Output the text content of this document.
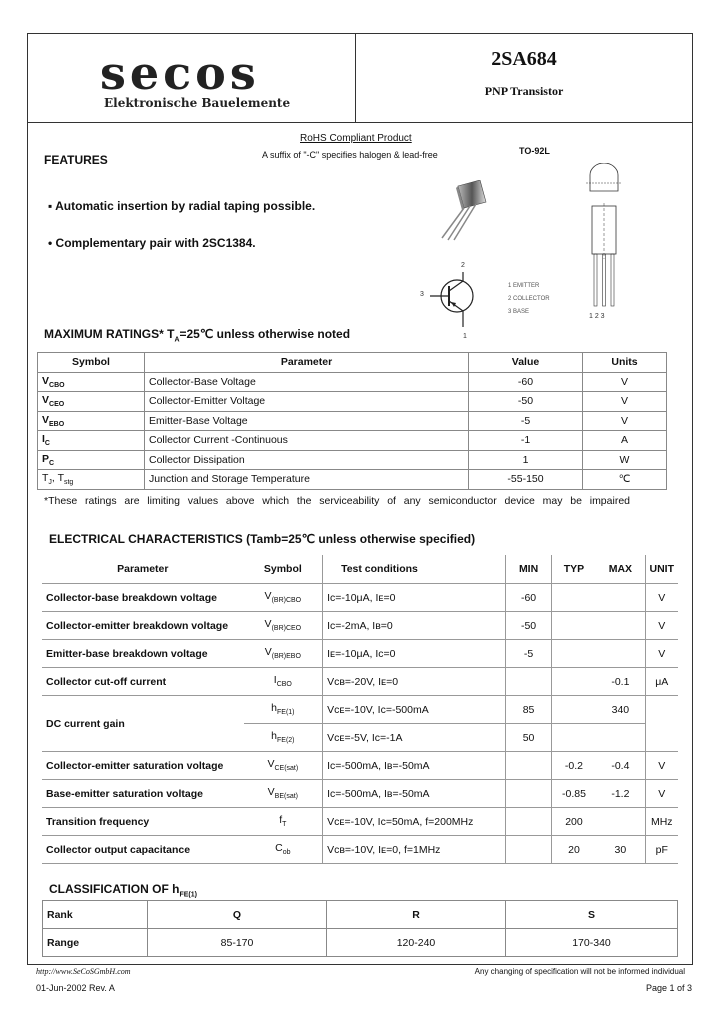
secos
Elektronische Bauelemente
2SA684
PNP Transistor
RoHS Compliant Product
A suffix of "-C" specifies halogen & lead-free	TO-92L
FEATURES
▪ Automatic insertion by radial taping possible.
• Complementary pair with 2SC1384.
1 2 3
2
3
1
1 EMITTER
2 COLLECTOR
3 BASE
MAXIMUM RATINGS* $T_A=25℃$ unless otherwise noted
Symbol	Parameter	Value	Units
$V_{CBO}$	Collector-Base Voltage	-60	V
$V_{CEO}$	Collector-Emitter Voltage	-50	V
$V_{EBO}$	Emitter-Base Voltage	-5	V
$I_C$	Collector Current -Continuous	-1	A
$P_C$	Collector Dissipation	1	W
$T_J$, $T_{stg}$	Junction and Storage Temperature	-55-150	℃
*These ratings are limiting values above which the serviceability of any semiconductor device may be impaired
ELECTRICAL CHARACTERISTICS (Tamb=25℃ unless otherwise specified)
Parameter	Symbol	Test conditions	MIN	TYP	MAX	UNIT
Collector-base breakdown voltage	$V_{(BR)CBO}$	Iᴄ=-10μA, Iᴇ=0	-60			V
Collector-emitter breakdown voltage	$V_{(BR)CEO}$	Iᴄ=-2mA, Iʙ=0	-50			V
Emitter-base breakdown voltage	$V_{(BR)EBO}$	Iᴇ=-10μA, Iᴄ=0	-5			V
Collector cut-off current	$I_{CBO}$	Vᴄʙ=-20V, Iᴇ=0			-0.1	μA
DC current gain	$h_{FE(1)}$	Vᴄᴇ=-10V, Iᴄ=-500mA	85		340	
	$h_{FE(2)}$	Vᴄᴇ=-5V, Iᴄ=-1A	50			
Collector-emitter saturation voltage	$V_{CE(sat)}$	Iᴄ=-500mA, Iʙ=-50mA		-0.2	-0.4	V
Base-emitter saturation voltage	$V_{BE(sat)}$	Iᴄ=-500mA, Iʙ=-50mA		-0.85	-1.2	V
Transition frequency	$f_T$	Vᴄᴇ=-10V, Iᴄ=50mA, f=200MHz		200		MHz
Collector output capacitance	$C_{ob}$	Vᴄʙ=-10V, Iᴇ=0, f=1MHz		20	30	pF
CLASSIFICATION OF $h_{FE(1)}$
Rank	Q	R	S
Range	85-170	120-240	170-340
http://www.SeCoSGmbH.com	Any changing of specification will not be informed individual
01-Jun-2002 Rev. A	Page 1 of 3
